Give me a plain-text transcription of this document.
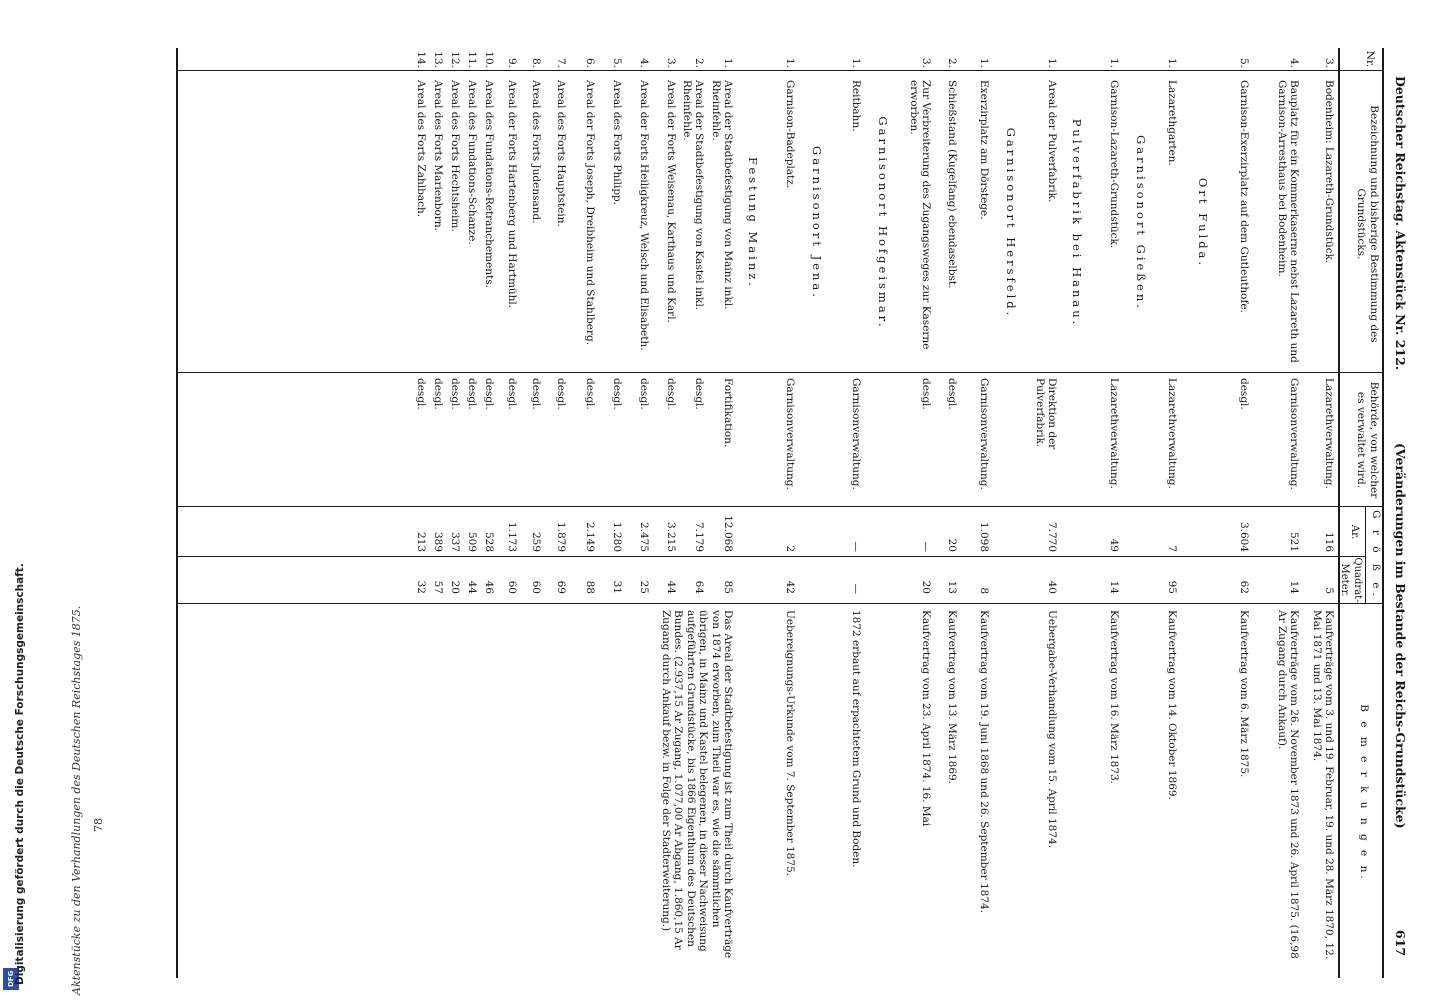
Deutscher Reichstag. Aktenstück Nr. 212.
(Veränderungen im Bestande der Reichs-Grundstücke)
617
Nr.
Bezeichnung und bisherige Bestimmung des Grundstücks.
Behörde, von welcher es verwaltet wird.
G r ö ß e.
Ar.
Quadrat-Meter.
B e m e r k u n g e n.
3.
Bodenheim: Lazareth-Grundstück.
Lazarethverwaltung.
116
5
Kaufverträge vom 3. und 19. Februar, 19. und 28. März 1870, 12. Mai 1871 und 13. Mai 1874.
4.
Bauplatz für ein Kommerkaserne nebst Lazareth und Garnison-Arresthaus bei Bodenheim.
Garnisonverwaltung.
521
14
Kaufverträge vom 26. November 1873 und 26. April 1875. (16,98 Ar Zugang durch Ankauf).
5.
Garnison-Exerzirplatz auf dem Gutleuthofe.
desgl.
3.604
62
Kaufvertrag vom 6. März 1875.
Ort Fulda.
1.
Lazarethgarten.
Lazarethverwaltung.
7
95
Kaufvertrag vom 14. Oktober 1869.
Garnisonort Gießen.
1.
Garnison-Lazareth-Grundstück.
Lazarethverwaltung.
49
14
Kaufvertrag vom 16. März 1873.
Pulverfabrik bei Hanau.
1.
Areal der Pulverfabrik.
Direktion der Pulverfabrik.
7.770
40
Uebergabe-Verhandlung vom 15. April 1874.
Garnisonort Hersfeld.
1.
Exerzirplatz am Dörstege.
Garnisonverwaltung.
1.098
8
Kaufvertrag vom 19. Juni 1868 und 26. September 1874.
2.
Schießstand (Kugelfang) ebendaselbst.
desgl.
20
13
Kaufvertrag vom 13. März 1869.
3.
Zur Verbreiterung des Zugangsweges zur Kaserne erworben.
desgl.
—
20
Kaufvertrag vom 23. April 1874. 16. Mai
Garnisonort Hofgeismar.
1.
Reitbahn.
Garnisonverwaltung.
—
—
1872 erbaut auf erpachtetem Grund und Boden.
Garnisonort Jena.
1.
Garnison-Badeplatz.
Garnisonverwaltung.
2
42
Uebereignungs-Urkunde vom 7. September 1875.
Festung Mainz.
1.
Areal der Stadtbefestigung von Mainz inkl. Rheinfehle.
Fortifikation.
12.068
85
Das Areal der Stadtbefestigung ist zum Theil durch Kaufverträge von 1874 erworben, zum Theil war es, wie die sämmtlichen übrigen, in Mainz und Kastel belegenen, in dieser Nachweisung aufgeführten Grundstücke, bis 1866 Eigenthum des Deutschen Bundes. (2.937,15 Ar Zugang, 1.077,00 Ar Abgang, 1.860,15 Ar Zugang durch Ankauf bezw. in Folge der Stadterweiterung.)
2.
Areal der Stadtbefestigung von Kastel inkl. Rheinfehle.
desgl.
7.179
64
3.
Areal der Forts Weisenau, Karthaus und Karl.
desgl.
3.215
44
4.
Areal der Forts Heiligkreuz, Welsch und Elisabeth.
desgl.
2.475
25
5.
Areal des Forts Philipp.
desgl.
1.280
31
6.
Areal der Forts Joseph, Dreibheim und Stahlberg.
desgl.
2.149
88
7.
Areal des Forts Hauptstein.
desgl.
1.879
69
8.
Areal des Forts Judensand.
desgl.
259
60
9.
Areal der Forts Hartenberg und Hartmühl.
desgl.
1.173
60
10.
Areal des Fundations-Retranchements.
desgl.
528
46
11.
Areal des Fundations-Schanze.
desgl.
509
44
12.
Areal des Forts Hechtsheim.
desgl.
337
20
13.
Areal des Forts Marienborn.
desgl.
389
57
14.
Areal des Forts Zahlbach.
desgl.
213
32
Aktenstücke zu den Verhandlungen des Deutschen Reichstages 1875. 78
DFG Digitalisierung gefördert durch die Deutsche Forschungsgemeinschaft.
